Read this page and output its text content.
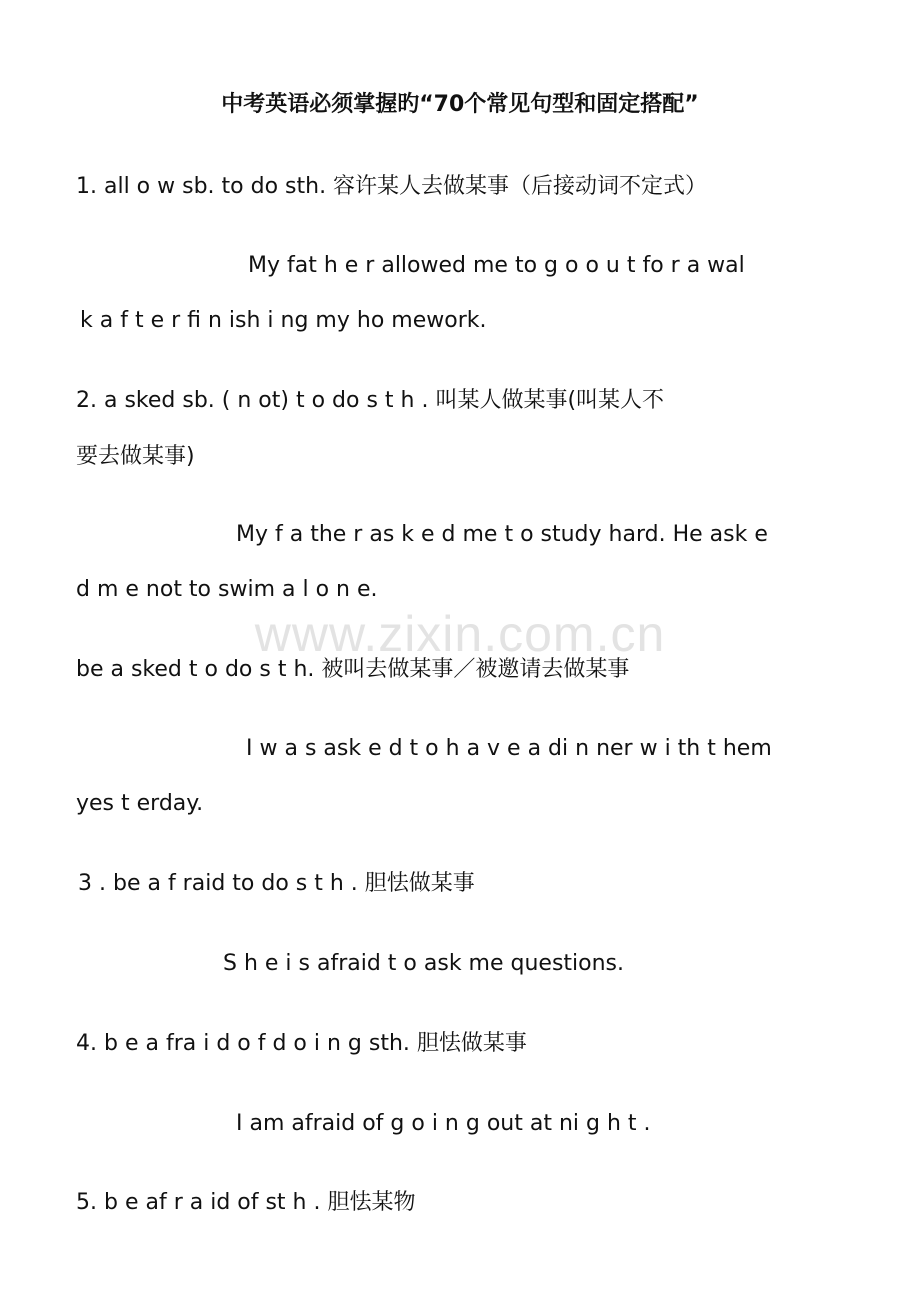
中考英语必须掌握旳“70个常见句型和固定搭配”
www.zixin.com.cn
1. all o w sb. to do sth. 容许某人去做某事（后接动词不定式）
My fat h e r allowed me to g o o u t fo r a wal
k a f t e r fi n ish i ng my ho mework.
2. a sked sb. ( n ot) t o do s t h . 叫某人做某事(叫某人不
要去做某事)
My f a the r as k e d me t o study hard. He ask e
d m e not to swim a l o n e.
be a sked t o do s t h. 被叫去做某事／被邀请去做某事
I w a s ask e d t o h a v e a di n ner w i th t hem
yes t erday.
3 . be a f raid to do s t h . 胆怯做某事
S h e i s afraid t o ask me questions.
4. b e a fra i d o f d o i n g sth. 胆怯做某事
I am afraid of g o i n g out at ni g h t .
5. b e af r a id of st h . 胆怯某物
